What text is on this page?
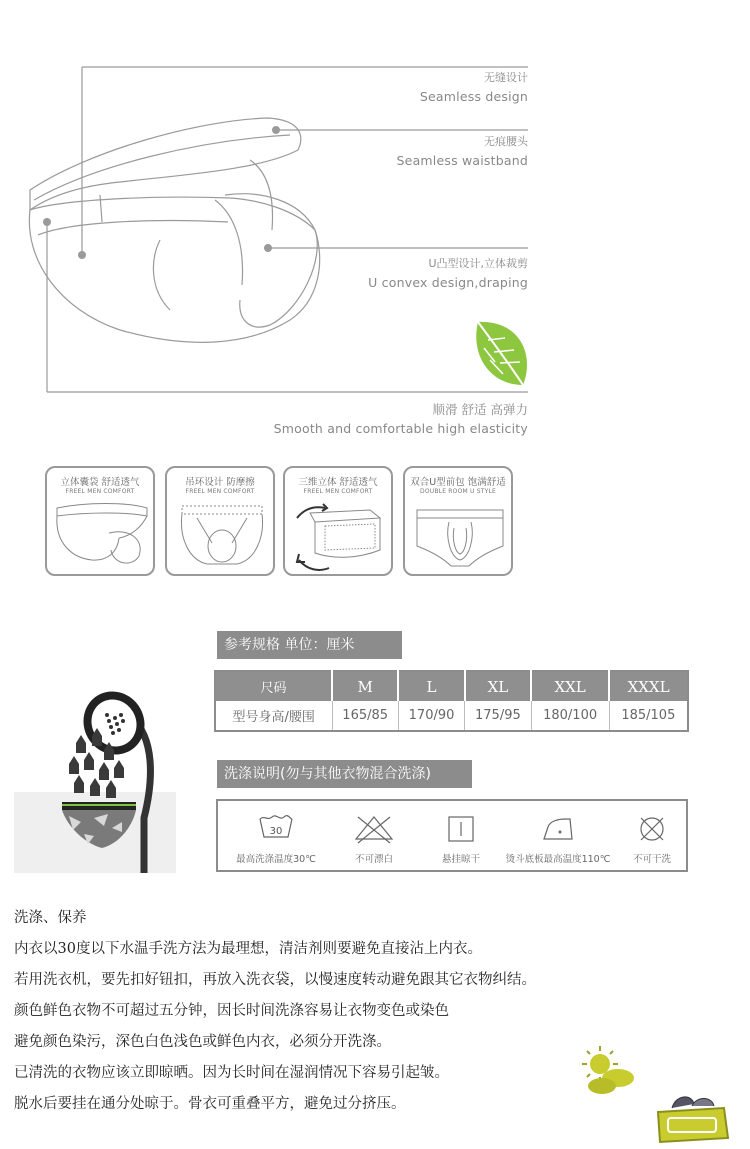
无缝设计
Seamless design
无痕腰头
Seamless waistband
U凸型设计,立体裁剪
U convex design,draping
顺滑 舒适 高弹力
Smooth and comfortable high elasticity
立体囊袋 舒适透气
FREEL MEN COMFORT
吊环设计 防摩擦
FREEL MEN COMFORT
三维立体 舒适透气
FREEL MEN COMFORT
双合U型前包 饱满舒适
DOUBLE ROOM U STYLE
参考规格 单位：厘米
尺码	M	L	XL	XXL	XXXL
型号身高/腰围	165/85	170/90	175/95	180/100	185/105
洗涤说明(勿与其他衣物混合洗涤)
30
最高洗涤温度30℃	不可漂白	悬挂晾干	烫斗底板最高温度110℃ 不可干洗
洗涤、保养
内衣以30度以下水温手洗方法为最理想，清洁剂则要避免直接沾上内衣。
若用洗衣机，要先扣好钮扣，再放入洗衣袋，以慢速度转动避免跟其它衣物纠结。
颜色鲜色衣物不可超过五分钟，因长时间洗涤容易让衣物变色或染色
避免颜色染污，深色白色浅色或鲜色内衣，必须分开洗涤。
已清洗的衣物应该立即晾晒。因为长时间在湿润情况下容易引起皱。
脱水后要挂在通分处晾于。骨衣可重叠平方，避免过分挤压。
